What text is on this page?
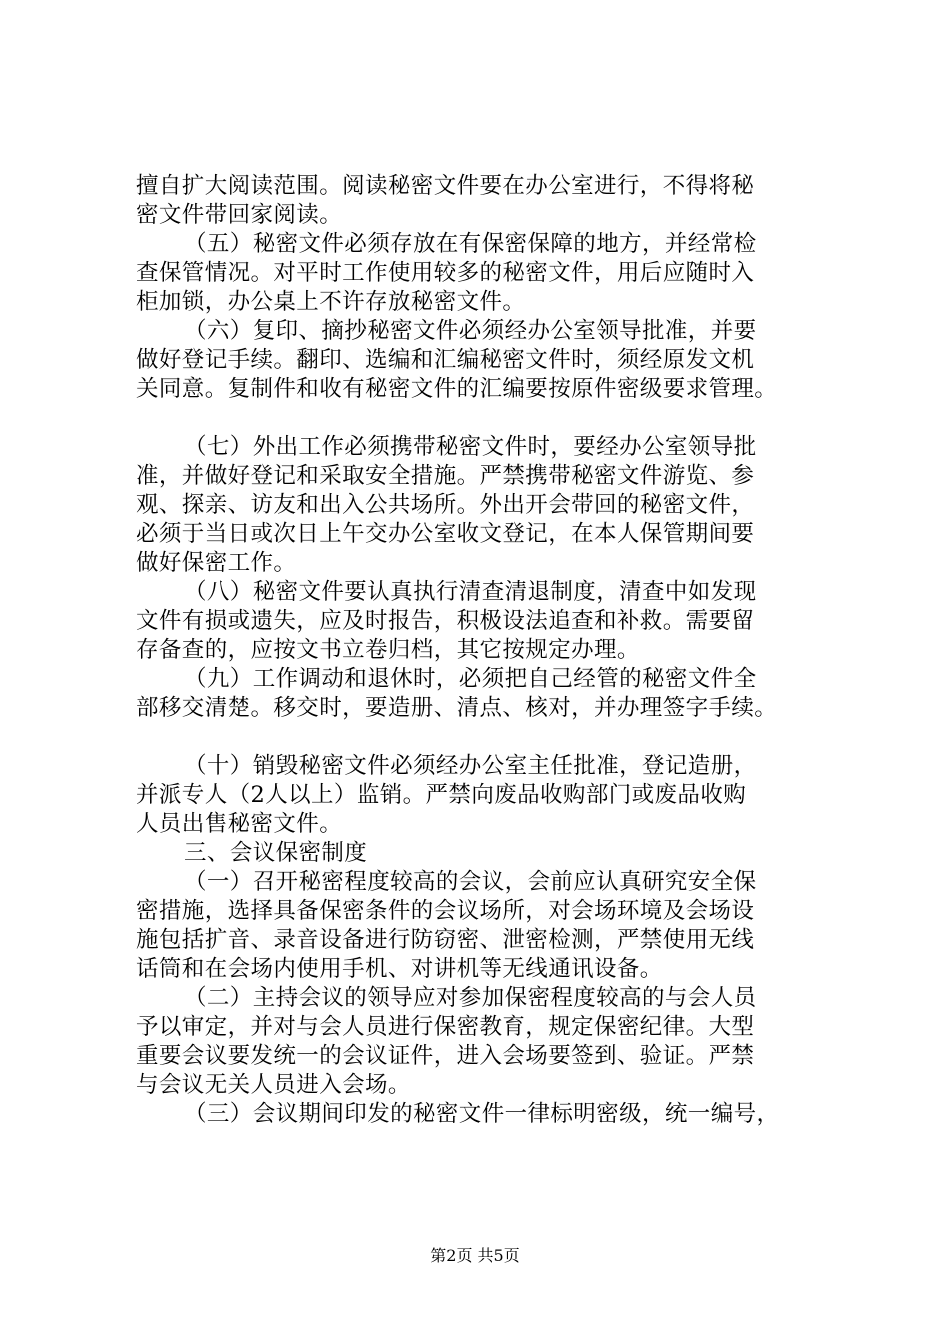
擅自扩大阅读范围。阅读秘密文件要在办公室进行，不得将秘
密文件带回家阅读。
（五）秘密文件必须存放在有保密保障的地方，并经常检
查保管情况。对平时工作使用较多的秘密文件，用后应随时入
柜加锁，办公桌上不许存放秘密文件。
（六）复印、摘抄秘密文件必须经办公室领导批准，并要
做好登记手续。翻印、选编和汇编秘密文件时，须经原发文机
关同意。复制件和收有秘密文件的汇编要按原件密级要求管理。
（七）外出工作必须携带秘密文件时，要经办公室领导批
准，并做好登记和采取安全措施。严禁携带秘密文件游览、参
观、探亲、访友和出入公共场所。外出开会带回的秘密文件，
必须于当日或次日上午交办公室收文登记，在本人保管期间要
做好保密工作。
（八）秘密文件要认真执行清查清退制度，清查中如发现
文件有损或遗失，应及时报告，积极设法追查和补救。需要留
存备查的，应按文书立卷归档，其它按规定办理。
（九）工作调动和退休时，必须把自己经管的秘密文件全
部移交清楚。移交时，要造册、清点、核对，并办理签字手续。
（十）销毁秘密文件必须经办公室主任批准，登记造册，
并派专人（2人以上）监销。严禁向废品收购部门或废品收购
人员出售秘密文件。
三、会议保密制度
（一）召开秘密程度较高的会议，会前应认真研究安全保
密措施，选择具备保密条件的会议场所，对会场环境及会场设
施包括扩音、录音设备进行防窃密、泄密检测，严禁使用无线
话筒和在会场内使用手机、对讲机等无线通讯设备。
（二）主持会议的领导应对参加保密程度较高的与会人员
予以审定，并对与会人员进行保密教育，规定保密纪律。大型
重要会议要发统一的会议证件，进入会场要签到、验证。严禁
与会议无关人员进入会场。
（三）会议期间印发的秘密文件一律标明密级，统一编号，
第2页 共5页
